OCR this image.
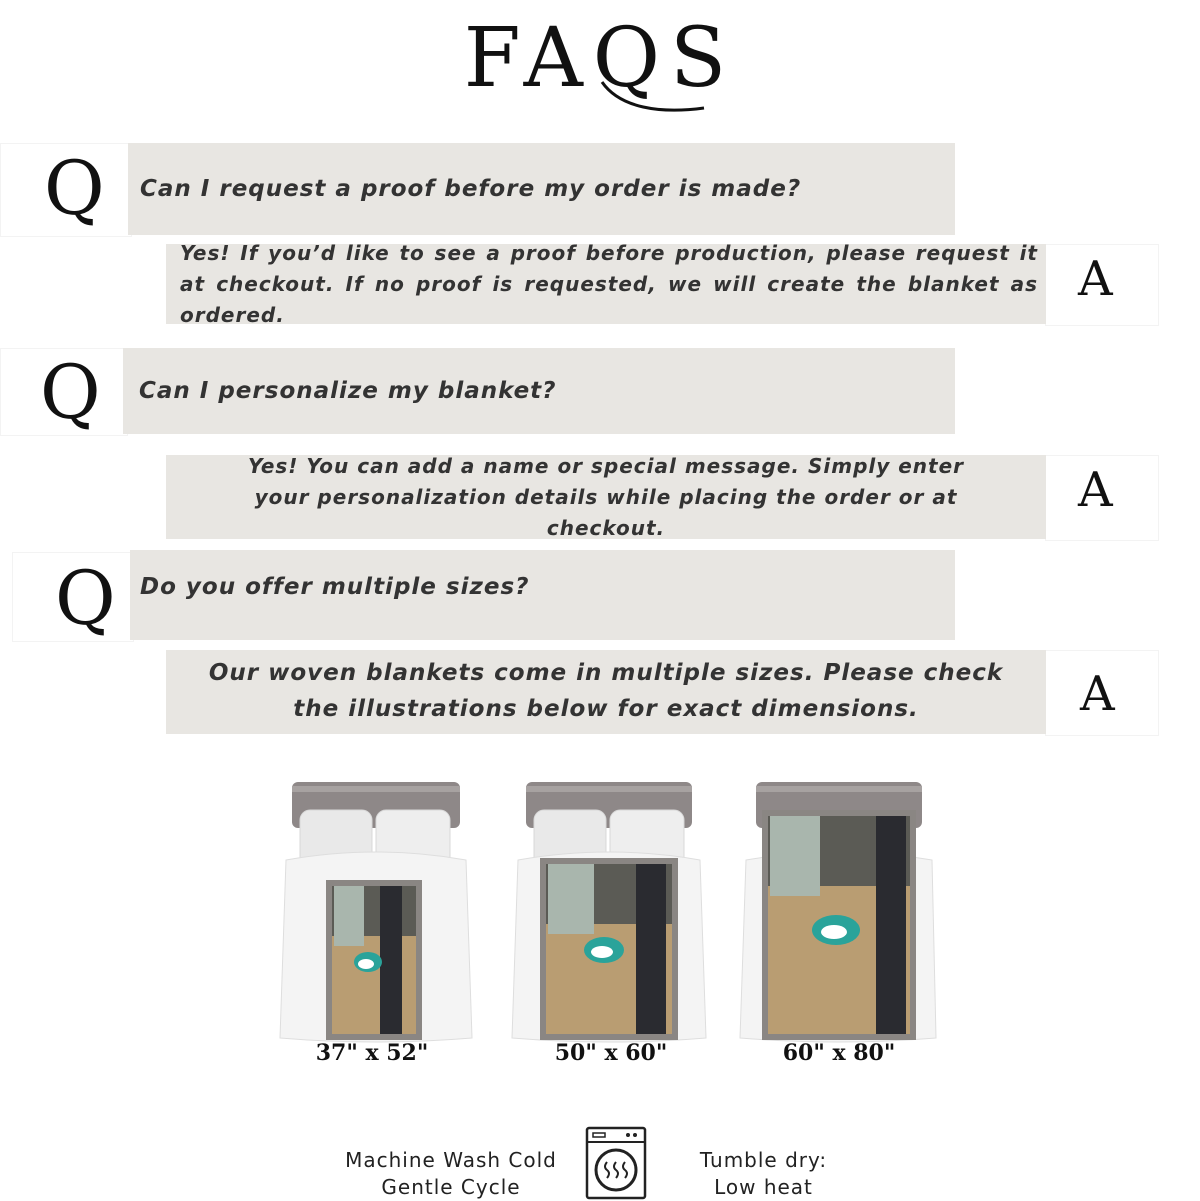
FAQS
Q	Can I request a proof before my order is made?
Yes! If you’d like to see a proof before production, please request it at checkout. If no proof is requested, we will create the blanket as ordered.
A
Q	Can I personalize my blanket?
Yes! You can add a name or special message. Simply enter your personalization details while placing the order or at checkout.
A
Q	Do you offer multiple sizes?
Our woven blankets come in multiple sizes. Please check the illustrations below for exact dimensions.	A
37" x 52"	50" x 60"	60" x 80"
Machine Wash Cold
Gentle Cycle
Tumble dry:
Low heat
